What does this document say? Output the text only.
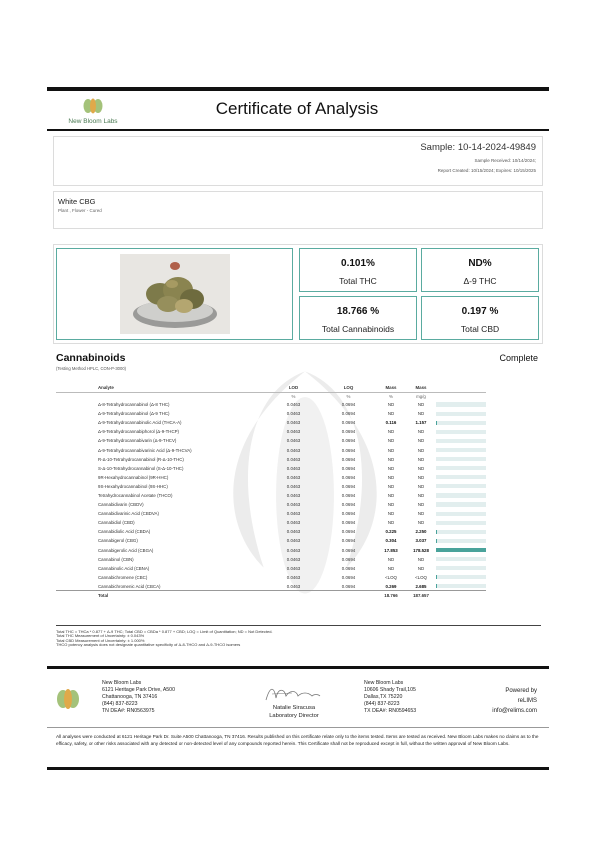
New Bloom Labs
Certificate of Analysis
Sample: 10-14-2024-49849
Sample Received: 10/14/2024;
Report Created: 10/15/2024; Expires: 10/15/2025
White CBG
Plant , Flower - Cured
0.101%
Total THC
ND%
Δ-9 THC
18.766 %
Total Cannabinoids
0.197 %
Total CBD
Cannabinoids
(Testing Method HPLC, CON-P-3000)
Complete
Analyte	LOD	LOQ	Mass	Mass	
	%	%	%	mg/g	
Δ-8-Tetrahydrocannabinol (Δ-8 THC)	0.0463	0.0694	ND	ND	

Δ-9-Tetrahydrocannabinol (Δ-9 THC)	0.0463	0.0694	ND	ND	

Δ-9-Tetrahydrocannabinolic Acid (THCA-A)	0.0463	0.0694	0.116	1.157	

Δ-9-Tetrahydrocannabiphorol (Δ-9-THCP)	0.0463	0.0694	ND	ND	

Δ-9-Tetrahydrocannabivarin (Δ-9-THCV)	0.0463	0.0694	ND	ND	

Δ-9-Tetrahydrocannabivarinic Acid (Δ-9-THCVA)	0.0463	0.0694	ND	ND	

R-Δ-10-Tetrahydrocannabinol (R-Δ-10-THC)	0.0463	0.0694	ND	ND	

S-Δ-10-Tetrahydrocannabinol (S-Δ-10-THC)	0.0463	0.0694	ND	ND	

9R-Hexahydrocannabinol (9R-HHC)	0.0463	0.0694	ND	ND	

9S-Hexahydrocannabinol (9S-HHC)	0.0463	0.0694	ND	ND	

Tetrahydrocannabinol Acetate (THCO)	0.0463	0.0694	ND	ND	

Cannabidivarin (CBDV)	0.0463	0.0694	ND	ND	

Cannabidivarinic Acid (CBDVA)	0.0463	0.0694	ND	ND	

Cannabidiol (CBD)	0.0463	0.0694	ND	ND	

Cannabidiolic Acid (CBDA)	0.0463	0.0694	0.225	2.250	

Cannabigerol (CBG)	0.0463	0.0694	0.304	3.037	

Cannabigerolic Acid (CBGA)	0.0463	0.0694	17.853	178.528	

Cannabinol (CBN)	0.0463	0.0694	ND	ND	

Cannabinolic Acid (CBNA)	0.0463	0.0694	ND	ND	

Cannabichromene (CBC)	0.0463	0.0694	<LOQ	<LOQ	

Cannabichromenic Acid (CBCA)	0.0463	0.0694	0.269	2.685	

Total			18.766	187.657	
Total THC = THCa * 0.877 + Δ-9 THC; Total CBD = CBDa * 0.877 + CBD; LOQ = Limit of Quantitation; ND = Not Detected.
Total THC Measurement of Uncertainty: ± 0.043%
Total CBD Measurement of Uncertainty: ± 1.000%
THCO potency analysis does not designate quantitative specificity of Δ-8-THCO and Δ-9-THCO isomers
New Bloom Labs
6121 Heritage Park Drive, A500
Chattanooga, TN 37416
(844) 837-8223
TN DEA#: RN0563975	Natalie Siracusa
Laboratory Director
New Bloom Labs
10606 Shady Trail,105
Dallas,TX 75220
(844) 837-8223
TX DEA#: RN0594653
Powered by
reLIMS
info@relims.com
All analyses were conducted at 6121 Heritage Park Dr. Suite A500 Chattanooga, TN 37416. Results published on this certificate relate only to the items tested. Items are tested as received. New Bloom Labs makes no claims as to the efficacy, safety, or other risks associated with any detected or non-detected level of any compounds reported herein. This Certificate shall not be reproduced except in full, without the written approval of New Bloom Labs.
